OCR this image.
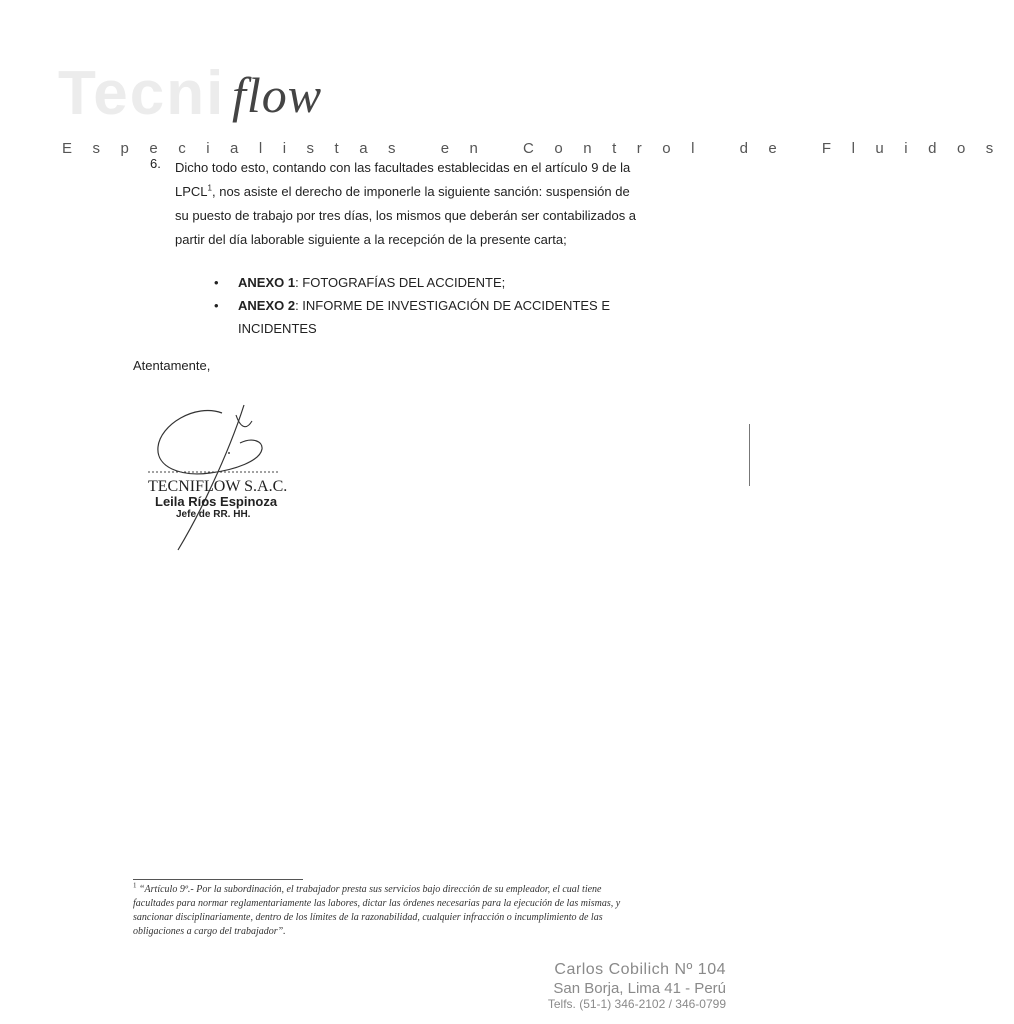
Tecni flow
Especialistas en Control de Fluidos
6. Dicho todo esto, contando con las facultades establecidas en el artículo 9 de la LPCL$^1$, nos asiste el derecho de imponerle la siguiente sanción: suspensión de su puesto de trabajo por tres días, los mismos que deberán ser contabilizados a partir del día laborable siguiente a la recepción de la presente carta;

• ANEXO 1: FOTOGRAFÍAS DEL ACCIDENTE;
• ANEXO 2: INFORME DE INVESTIGACIÓN DE ACCIDENTES E INCIDENTES
Atentamente,
TECNIFLOW S.A.C.
Leila Ríos Espinoza
Jefe de RR. HH.
$^1$ “Artículo 9º.- Por la subordinación, el trabajador presta sus servicios bajo dirección de su empleador, el cual tiene facultades para normar reglamentariamente las labores, dictar las órdenes necesarias para la ejecución de las mismas, y sancionar disciplinariamente, dentro de los límites de la razonabilidad, cualquier infracción o incumplimiento de las obligaciones a cargo del trabajador”.
Carlos Cobilich Nº 104
San Borja, Lima 41 - Perú
Telfs. (51-1) 346-2102 / 346-0799
